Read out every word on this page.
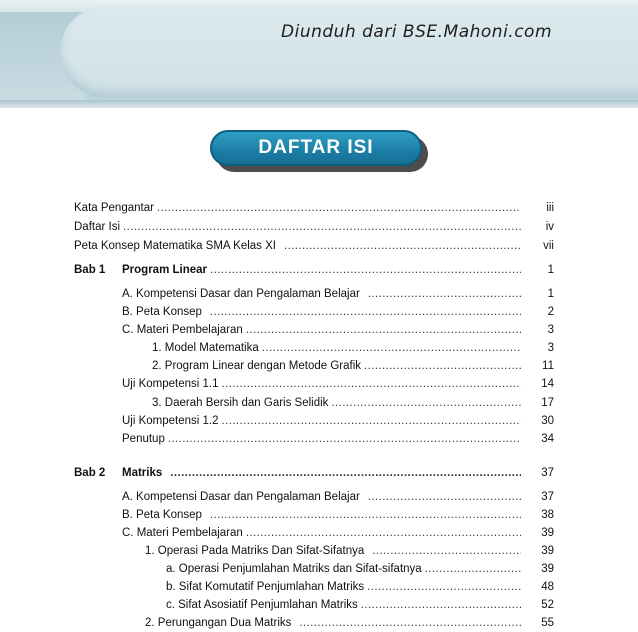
Diunduh dari BSE.Mahoni.com
DAFTAR ISI
Kata Pengantar .....	iii
Daftar Isi .....	iv
Peta Konsep Matematika SMA Kelas XI .....	vii
Bab 1 Program Linear .....	1
A. Kompetensi Dasar dan Pengalaman Belajar .....	1
B. Peta Konsep .....	2
C. Materi Pembelajaran .....	3
1. Model Matematika .....	3
2. Program Linear dengan Metode Grafik .....	11
Uji Kompetensi 1.1 .....	14
3. Daerah Bersih dan Garis Selidik .....	17
Uji Kompetensi 1.2 .....	30
Penutup .....	34
Bab 2 Matriks .....	37
A. Kompetensi Dasar dan Pengalaman Belajar .....	37
B. Peta Konsep .....	38
C. Materi Pembelajaran .....	39
1. Operasi Pada Matriks Dan Sifat-Sifatnya .....	39
a. Operasi Penjumlahan Matriks dan Sifat-sifatnya .....	39
b. Sifat Komutatif Penjumlahan Matriks .....	48
c. Sifat Asosiatif Penjumlahan Matriks .....	52
2. Perungangan Dua Matriks .....	55
